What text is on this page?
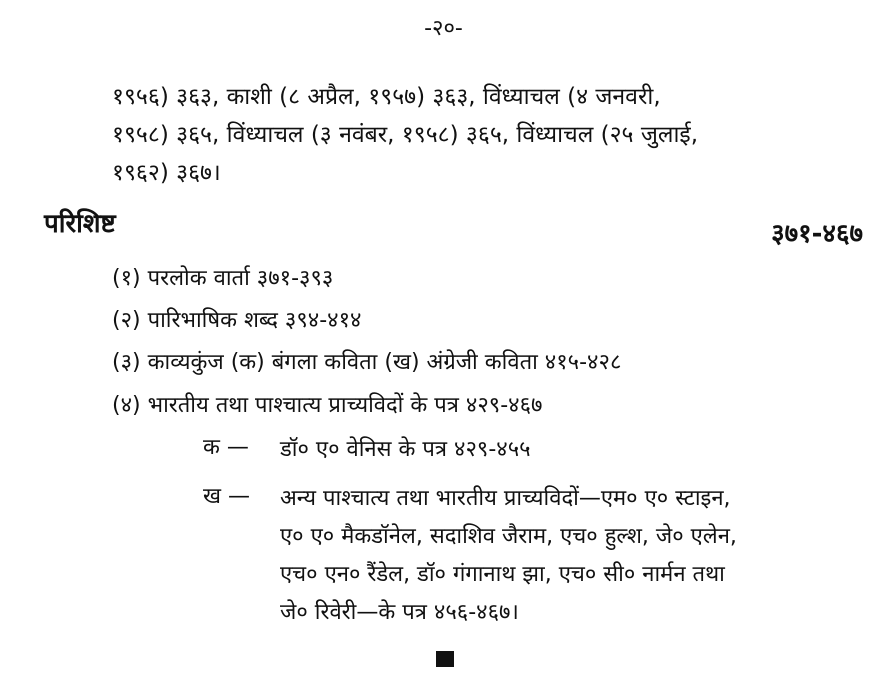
-२०-
१९५६) ३६३, काशी (८ अप्रैल, १९५७) ३६३, विंध्याचल (४ जनवरी,
१९५८) ३६५, विंध्याचल (३ नवंबर, १९५८) ३६५, विंध्याचल (२५ जुलाई,
१९६२) ३६७।
परिशिष्ट	३७१-४६७
(१) परलोक वार्ता ३७१-३९३
(२) पारिभाषिक शब्द ३९४-४१४
(३) काव्यकुंज (क) बंगला कविता (ख) अंग्रेजी कविता ४१५-४२८
(४) भारतीय तथा पाश्चात्य प्राच्यविदों के पत्र ४२९-४६७
क — डॉ० ए० वेनिस के पत्र ४२९-४५५
ख — अन्य पाश्चात्य तथा भारतीय प्राच्यविदों—एम० ए० स्टाइन,
ए० ए० मैकडॉनेल, सदाशिव जैराम, एच० हुल्श, जे० एलेन,
एच० एन० रैंडेल, डॉ० गंगानाथ झा, एच० सी० नार्मन तथा
जे० रिवेरी—के पत्र ४५६-४६७।
